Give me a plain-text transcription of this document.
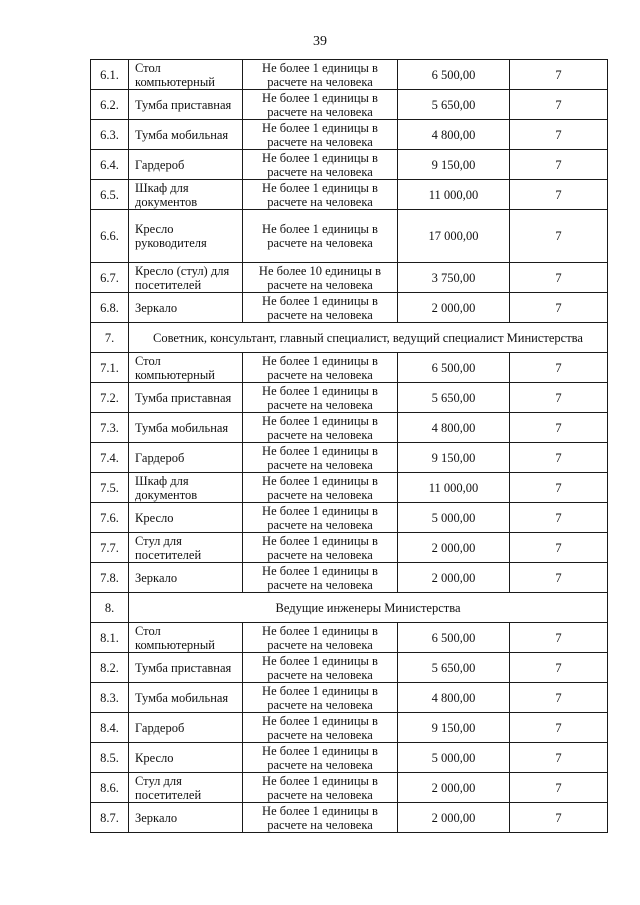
39
6.1.	Стол компьютерный	Не более 1 единицы в расчете на человека	6 500,00	7
6.2.	Тумба приставная	Не более 1 единицы в расчете на человека	5 650,00	7
6.3.	Тумба мобильная	Не более 1 единицы в расчете на человека	4 800,00	7
6.4.	Гардероб	Не более 1 единицы в расчете на человека	9 150,00	7
6.5.	Шкаф для документов	Не более 1 единицы в расчете на человека	11 000,00	7
6.6.	Кресло руководителя	Не более 1 единицы в расчете на человека	17 000,00	7
6.7.	Кресло (стул) для посетителей	Не более 10 единицы в расчете на человека	3 750,00	7
6.8.	Зеркало	Не более 1 единицы в расчете на человека	2 000,00	7
7.	Советник, консультант, главный специалист, ведущий специалист Министерства			
7.1.	Стол компьютерный	Не более 1 единицы в расчете на человека	6 500,00	7
7.2.	Тумба приставная	Не более 1 единицы в расчете на человека	5 650,00	7
7.3.	Тумба мобильная	Не более 1 единицы в расчете на человека	4 800,00	7
7.4.	Гардероб	Не более 1 единицы в расчете на человека	9 150,00	7
7.5.	Шкаф для документов	Не более 1 единицы в расчете на человека	11 000,00	7
7.6.	Кресло	Не более 1 единицы в расчете на человека	5 000,00	7
7.7.	Стул для посетителей	Не более 1 единицы в расчете на человека	2 000,00	7
7.8.	Зеркало	Не более 1 единицы в расчете на человека	2 000,00	7
8.	Ведущие инженеры Министерства			
8.1.	Стол компьютерный	Не более 1 единицы в расчете на человека	6 500,00	7
8.2.	Тумба приставная	Не более 1 единицы в расчете на человека	5 650,00	7
8.3.	Тумба мобильная	Не более 1 единицы в расчете на человека	4 800,00	7
8.4.	Гардероб	Не более 1 единицы в расчете на человека	9 150,00	7
8.5.	Кресло	Не более 1 единицы в расчете на человека	5 000,00	7
8.6.	Стул для посетителей	Не более 1 единицы в расчете на человека	2 000,00	7
8.7.	Зеркало	Не более 1 единицы в расчете на человека	2 000,00	7
